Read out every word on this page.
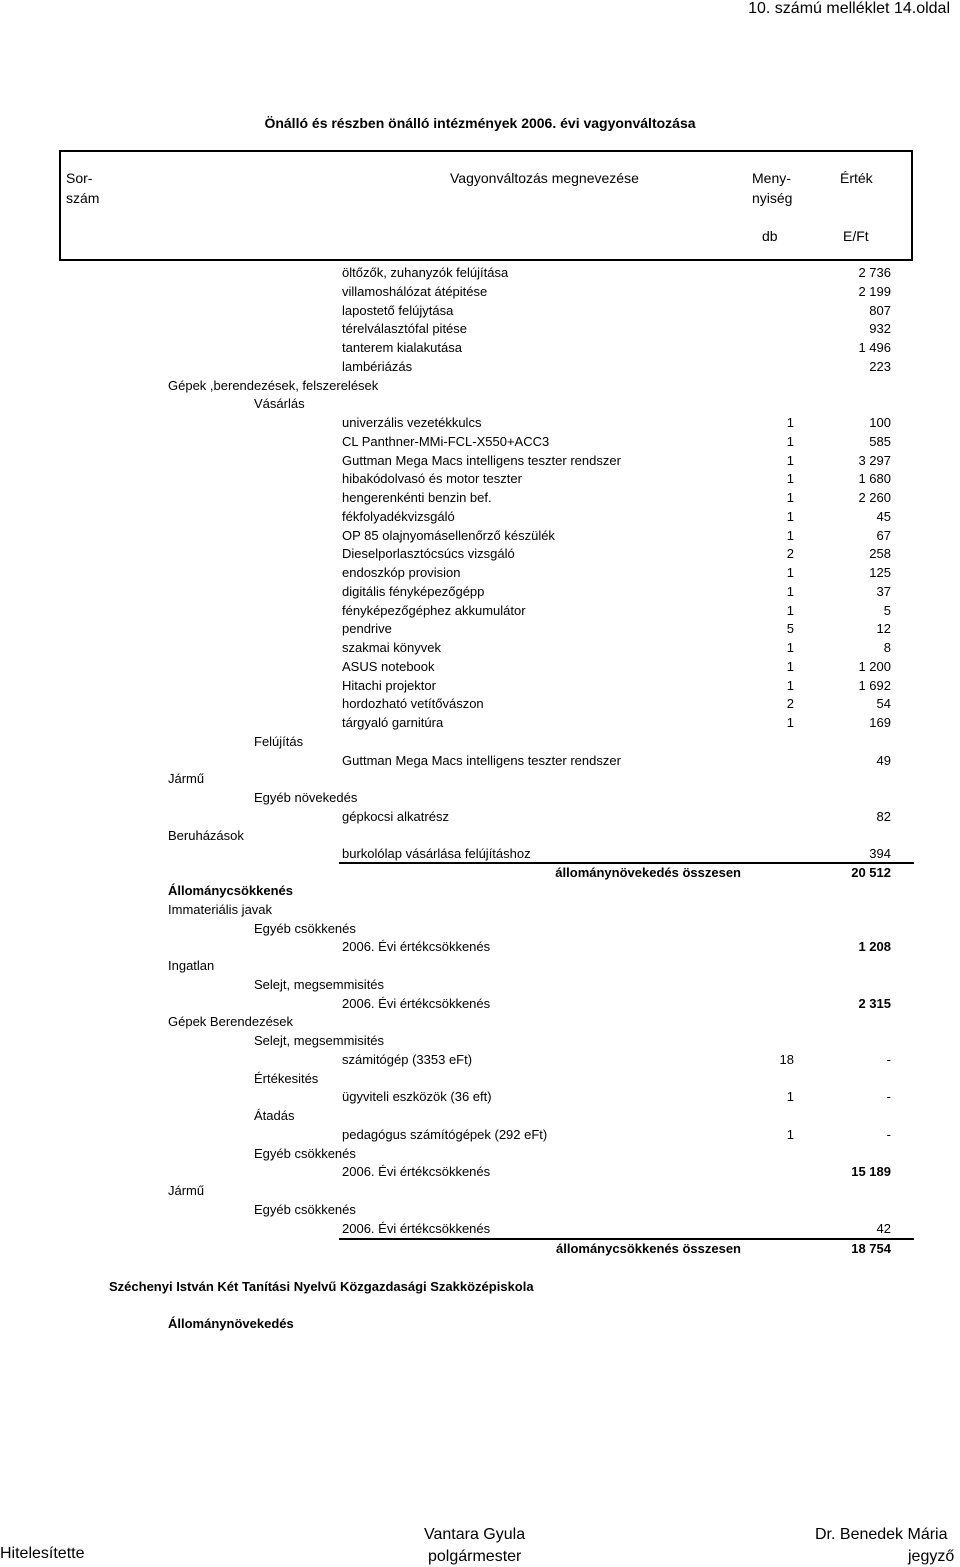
10. számú melléklet 14.oldal
Önálló és részben önálló intézmények 2006. évi vagyonváltozása
Sor-
szám
Vagyonváltozás megnevezése	Meny-
nyiség
Érték
db	E/Ft
öltőzők, zuhanyzók felújítása	2 736
villamoshálózat átépitése	2 199
lapostető felújytása	807
térelválasztófal pitése	932
tanterem kialakutása	1 496
lambériázás	223
Gépek ,berendezések, felszerelések
Vásárlás
univerzális vezetékkulcs	1	100
CL Panthner-MMi-FCL-X550+ACC3	1	585
Guttman Mega Macs intelligens teszter rendszer	1	3 297
hibakódolvasó és motor teszter	1	1 680
hengerenkénti benzin bef.	1	2 260
fékfolyadékvizsgáló	1	45
OP 85 olajnyomásellenőrző készülék	1	67
Dieselporlasztócsúcs vizsgáló	2	258
endoszkóp provision	1	125
digitális fényképezőgépp	1	37
fényképezőgéphez akkumulátor	1	5
pendrive	5	12
szakmai könyvek	1	8
ASUS notebook	1	1 200
Hitachi projektor	1	1 692
hordozható vetítővászon	2	54
tárgyaló garnitúra	1	169
Felújítás
Guttman Mega Macs intelligens teszter rendszer	49
Jármű
Egyéb növekedés
gépkocsi alkatrész	82
Beruházások
burkolólap vásárlása felújításhoz	394
állománynövekedés összesen	20 512
Állománycsökkenés
Immateriális javak
Egyéb csökkenés
2006. Évi értékcsökkenés	1 208
Ingatlan
Selejt, megsemmisités
2006. Évi értékcsökkenés	2 315
Gépek Berendezések
Selejt, megsemmisités
számitógép (3353 eFt)	18	-
Értékesités
ügyviteli eszközök (36 eft)	1	-
Átadás
pedagógus számítógépek (292 eFt)	1	-
Egyéb csökkenés
2006. Évi értékcsökkenés	15 189
Jármű
Egyéb csökkenés
2006. Évi értékcsökkenés	42
állománycsökkenés összesen	18 754
Széchenyi István Két Tanítási Nyelvű Közgazdasági Szakközépiskola
Állománynövekedés
Hitelesítette
Vantara Gyula
polgármester
Dr. Benedek Mária
jegyző
